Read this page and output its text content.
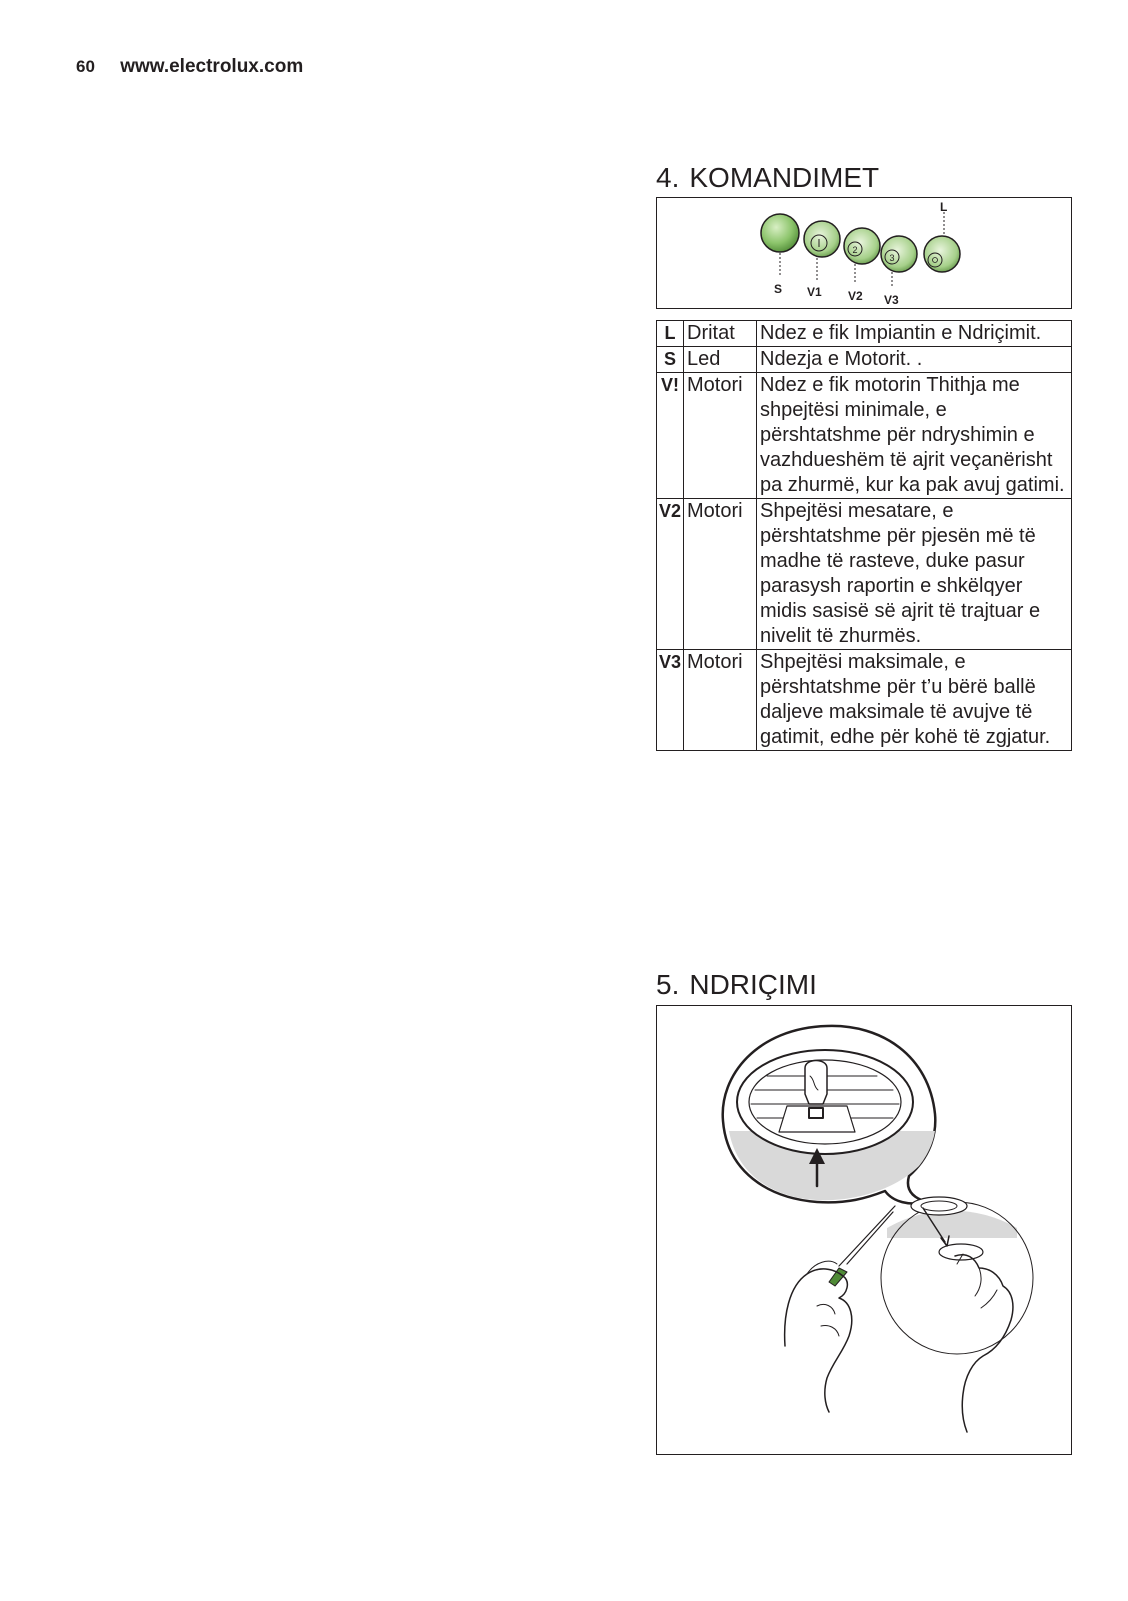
60 www.electrolux.com
4. KOMANDIMET
2
3
S V1 V2 V3
L
L	Dritat	Ndez e fik Impiantin e Ndriçimit.
S	Led	Ndezja e Motorit. .
V!	Motori	Ndez e fik motorin Thithja me shpejtësi minimale, e përshtatshme për ndryshimin e vazhdueshëm të ajrit veçanërisht pa zhurmë, kur ka pak avuj gatimi.
V2	Motori	Shpejtësi mesatare, e përshtatshme për pjesën më të madhe të rasteve, duke pasur parasysh raportin e shkëlqyer midis sasisë së ajrit të trajtuar e nivelit të zhurmës.
V3	Motori	Shpejtësi maksimale, e përshtatshme për t’u bërë ballë daljeve maksimale të avujve të gatimit, edhe për kohë të zgjatur.
5. NDRIÇIMI
